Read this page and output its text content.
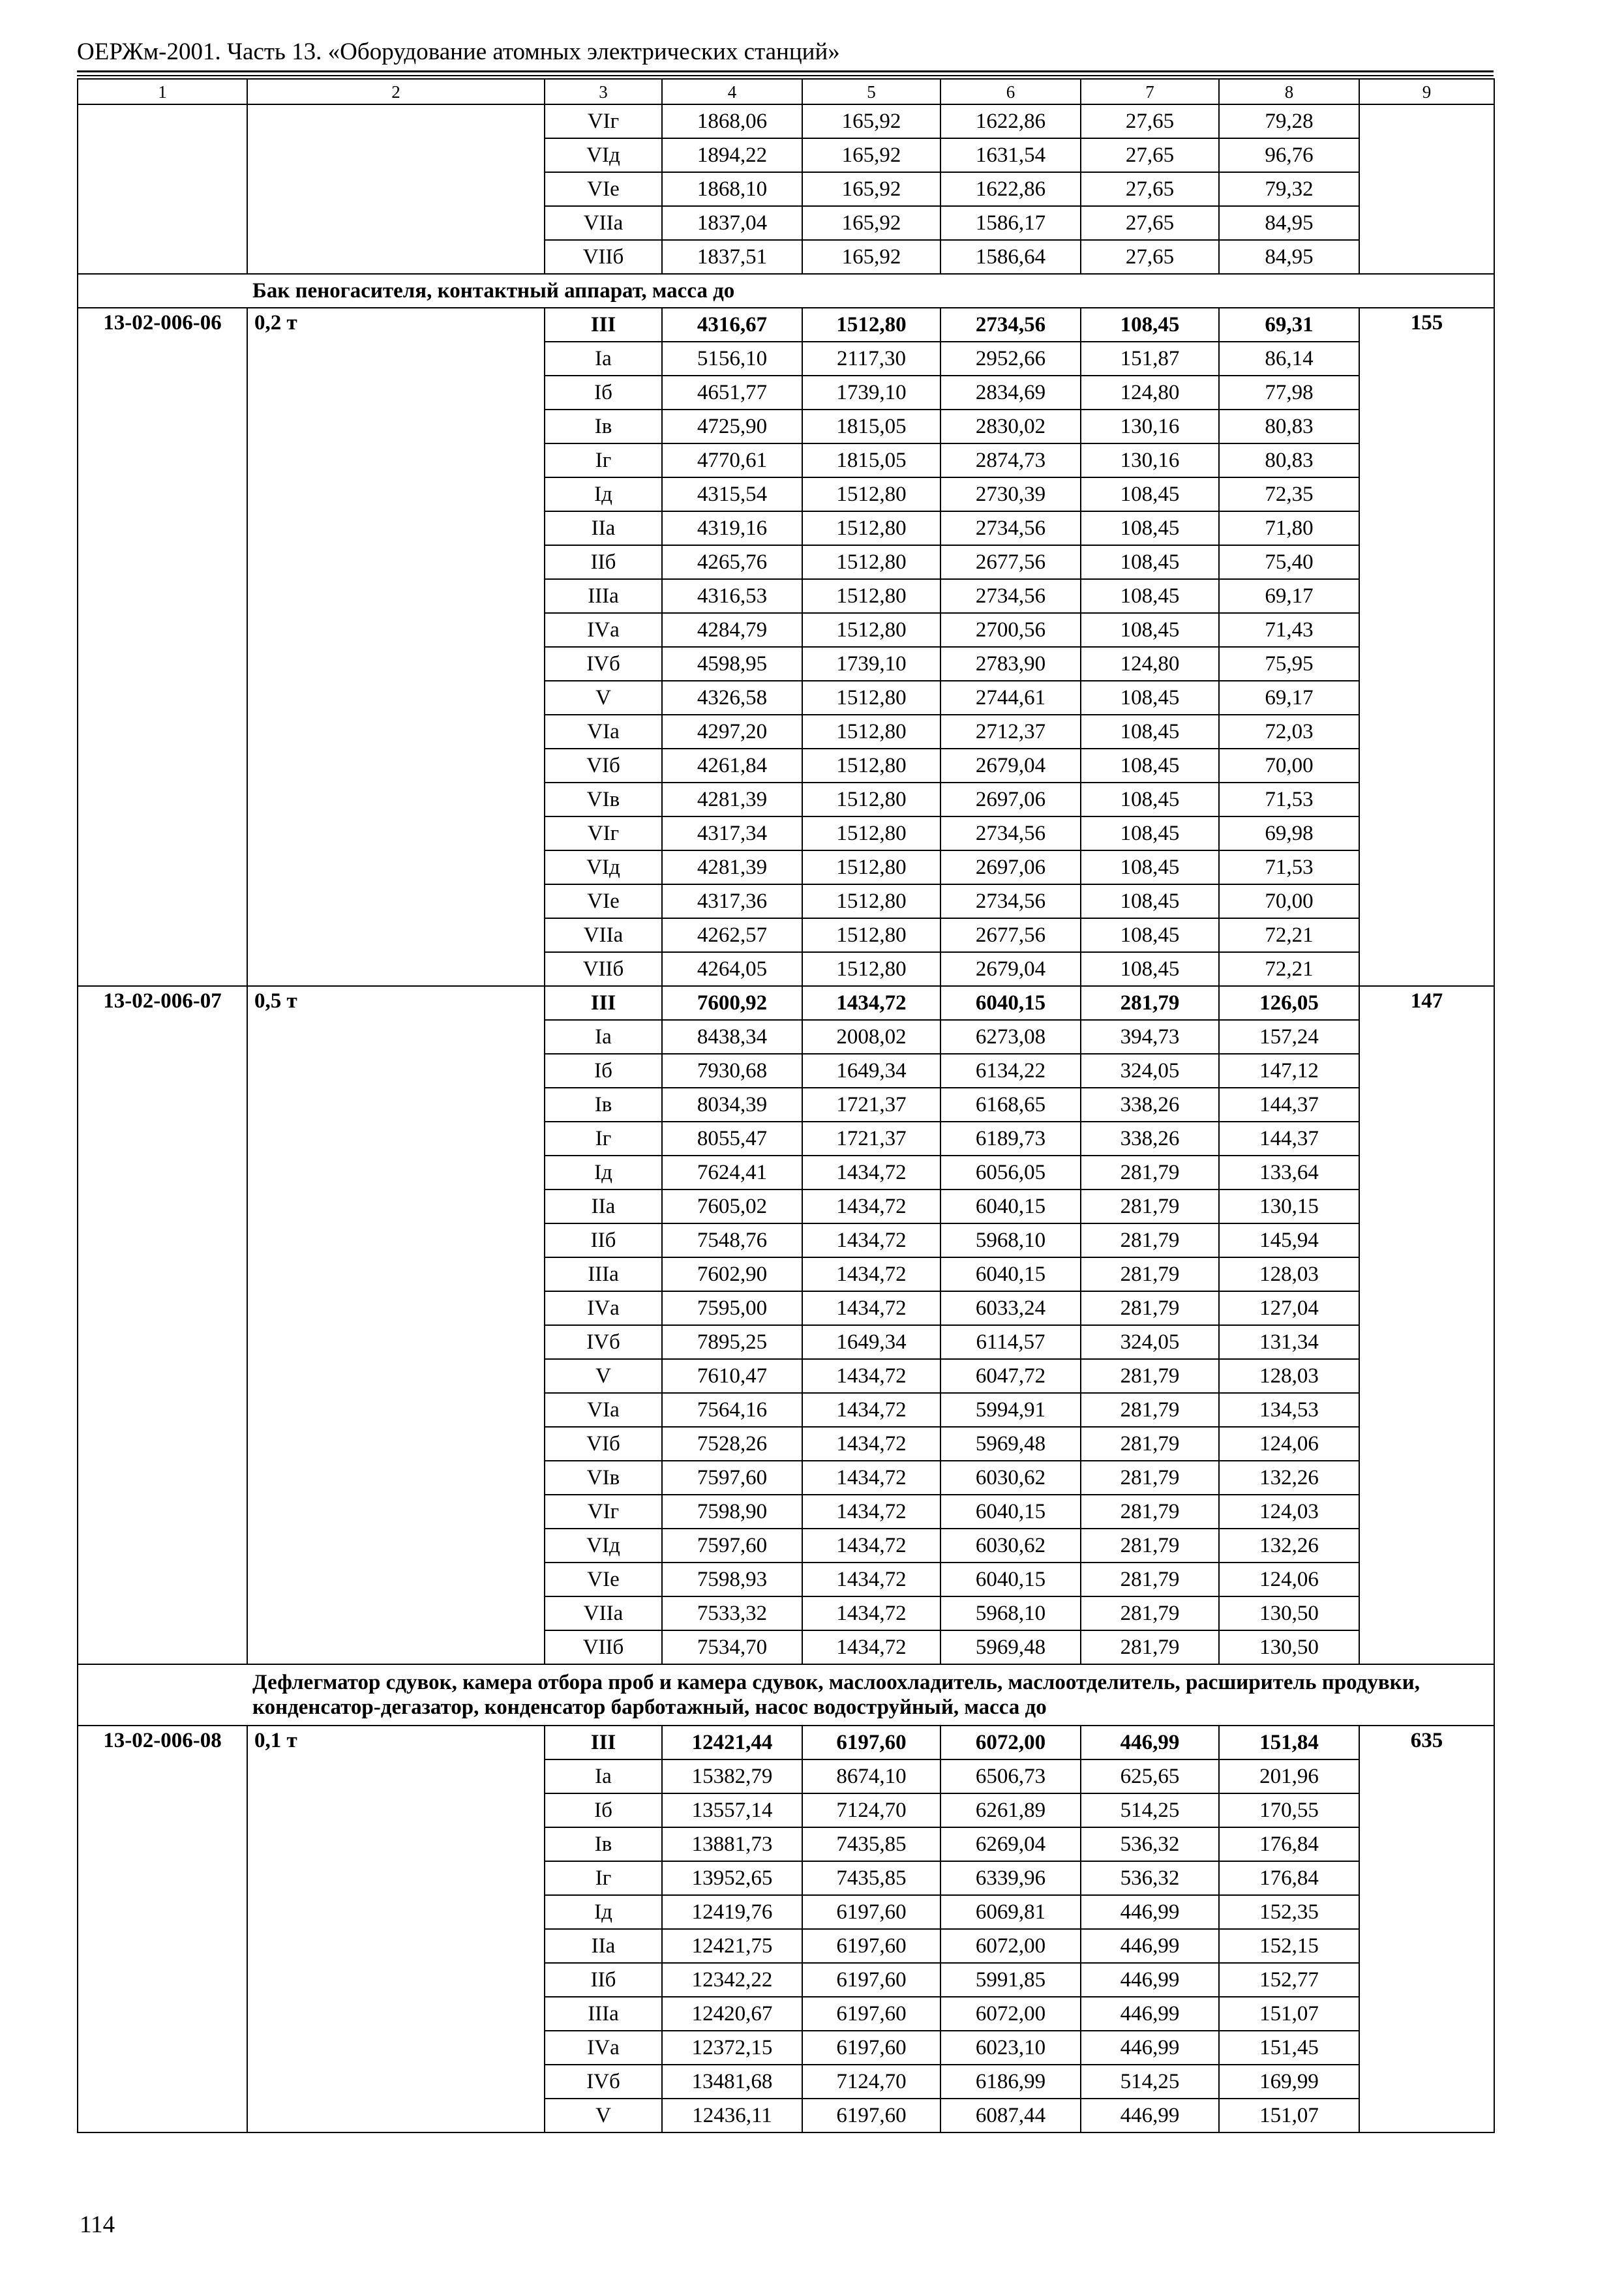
ОЕРЖм-2001. Часть 13. «Оборудование атомных электрических станций»
1	2	3	4	5	6	7	8	9
		VIг	1868,06	165,92	1622,86	27,65	79,28	
		VIд	1894,22	165,92	1631,54	27,65	96,76	
		VIе	1868,10	165,92	1622,86	27,65	79,32	
		VIIа	1837,04	165,92	1586,17	27,65	84,95	
		VIIб	1837,51	165,92	1586,64	27,65	84,95	
	Бак пеногасителя, контактный аппарат, масса до							
13-02-006-06	0,2 т	III	4316,67	1512,80	2734,56	108,45	69,31	155
		Iа	5156,10	2117,30	2952,66	151,87	86,14	
		Iб	4651,77	1739,10	2834,69	124,80	77,98	
		Iв	4725,90	1815,05	2830,02	130,16	80,83	
		Iг	4770,61	1815,05	2874,73	130,16	80,83	
		Iд	4315,54	1512,80	2730,39	108,45	72,35	
		IIа	4319,16	1512,80	2734,56	108,45	71,80	
		IIб	4265,76	1512,80	2677,56	108,45	75,40	
		IIIа	4316,53	1512,80	2734,56	108,45	69,17	
		IVа	4284,79	1512,80	2700,56	108,45	71,43	
		IVб	4598,95	1739,10	2783,90	124,80	75,95	
		V	4326,58	1512,80	2744,61	108,45	69,17	
		VIа	4297,20	1512,80	2712,37	108,45	72,03	
		VIб	4261,84	1512,80	2679,04	108,45	70,00	
		VIв	4281,39	1512,80	2697,06	108,45	71,53	
		VIг	4317,34	1512,80	2734,56	108,45	69,98	
		VIд	4281,39	1512,80	2697,06	108,45	71,53	
		VIе	4317,36	1512,80	2734,56	108,45	70,00	
		VIIа	4262,57	1512,80	2677,56	108,45	72,21	
		VIIб	4264,05	1512,80	2679,04	108,45	72,21	
13-02-006-07	0,5 т	III	7600,92	1434,72	6040,15	281,79	126,05	147
		Iа	8438,34	2008,02	6273,08	394,73	157,24	
		Iб	7930,68	1649,34	6134,22	324,05	147,12	
		Iв	8034,39	1721,37	6168,65	338,26	144,37	
		Iг	8055,47	1721,37	6189,73	338,26	144,37	
		Iд	7624,41	1434,72	6056,05	281,79	133,64	
		IIа	7605,02	1434,72	6040,15	281,79	130,15	
		IIб	7548,76	1434,72	5968,10	281,79	145,94	
		IIIа	7602,90	1434,72	6040,15	281,79	128,03	
		IVа	7595,00	1434,72	6033,24	281,79	127,04	
		IVб	7895,25	1649,34	6114,57	324,05	131,34	
		V	7610,47	1434,72	6047,72	281,79	128,03	
		VIа	7564,16	1434,72	5994,91	281,79	134,53	
		VIб	7528,26	1434,72	5969,48	281,79	124,06	
		VIв	7597,60	1434,72	6030,62	281,79	132,26	
		VIг	7598,90	1434,72	6040,15	281,79	124,03	
		VIд	7597,60	1434,72	6030,62	281,79	132,26	
		VIе	7598,93	1434,72	6040,15	281,79	124,06	
		VIIа	7533,32	1434,72	5968,10	281,79	130,50	
		VIIб	7534,70	1434,72	5969,48	281,79	130,50	
	Дефлегматор сдувок, камера отбора проб и камера сдувок, маслоохладитель, маслоотделитель, расширитель продувки, конденсатор-дегазатор, конденсатор барботажный, насос водоструйный, масса до							
13-02-006-08	0,1 т	III	12421,44	6197,60	6072,00	446,99	151,84	635
		Iа	15382,79	8674,10	6506,73	625,65	201,96	
		Iб	13557,14	7124,70	6261,89	514,25	170,55	
		Iв	13881,73	7435,85	6269,04	536,32	176,84	
		Iг	13952,65	7435,85	6339,96	536,32	176,84	
		Iд	12419,76	6197,60	6069,81	446,99	152,35	
		IIа	12421,75	6197,60	6072,00	446,99	152,15	
		IIб	12342,22	6197,60	5991,85	446,99	152,77	
		IIIа	12420,67	6197,60	6072,00	446,99	151,07	
		IVа	12372,15	6197,60	6023,10	446,99	151,45	
		IVб	13481,68	7124,70	6186,99	514,25	169,99	
		V	12436,11	6197,60	6087,44	446,99	151,07	
114
